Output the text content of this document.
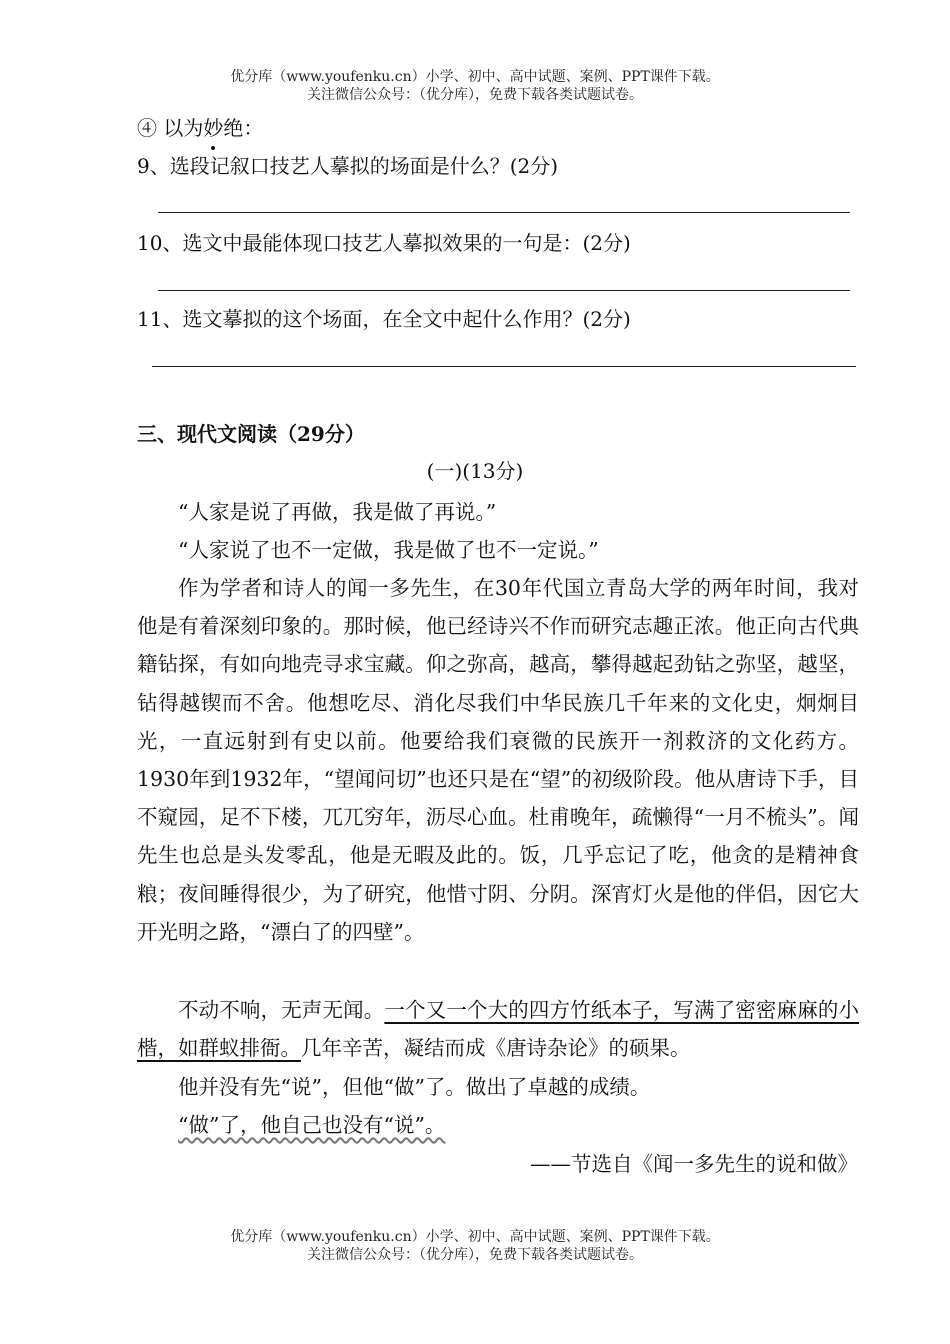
优分库（www.youfenku.cn）小学、初中、高中试题、案例、PPT课件下载。
关注微信公众号：（优分库），免费下载各类试题试卷。
④ 以为妙绝：
9、选段记叙口技艺人摹拟的场面是什么？(2分)
10、选文中最能体现口技艺人摹拟效果的一句是：(2分)
11、选文摹拟的这个场面，在全文中起什么作用？(2分)
三、现代文阅读（29分）
(一)(13分)
“人家是说了再做，我是做了再说。”
“人家说了也不一定做，我是做了也不一定说。”
作为学者和诗人的闻一多先生，在30年代国立青岛大学的两年时间，我对他是有着深刻印象的。那时候，他已经诗兴不作而研究志趣正浓。他正向古代典籍钻探，有如向地壳寻求宝藏。仰之弥高，越高，攀得越起劲钻之弥坚，越坚，钻得越锲而不舍。他想吃尽、消化尽我们中华民族几千年来的文化史，炯炯目光，一直远射到有史以前。他要给我们衰微的民族开一剂救济的文化药方。1930年到1932年，“望闻问切”也还只是在“望”的初级阶段。他从唐诗下手，目不窥园，足不下楼，兀兀穷年，沥尽心血。杜甫晚年，疏懒得“一月不梳头”。闻先生也总是头发零乱，他是无暇及此的。饭，几乎忘记了吃，他贪的是精神食粮；夜间睡得很少，为了研究，他惜寸阴、分阴。深宵灯火是他的伴侣，因它大开光明之路，“漂白了的四壁”。
不动不响，无声无闻。一个又一个大的四方竹纸本子，写满了密密麻麻的小楷，如群蚁排衙。几年辛苦，凝结而成《唐诗杂论》的硕果。
他并没有先“说”，但他“做”了。做出了卓越的成绩。
“做”了，他自己也没有“说”。
——节选自《闻一多先生的说和做》
优分库（www.youfenku.cn）小学、初中、高中试题、案例、PPT课件下载。
关注微信公众号：（优分库），免费下载各类试题试卷。
